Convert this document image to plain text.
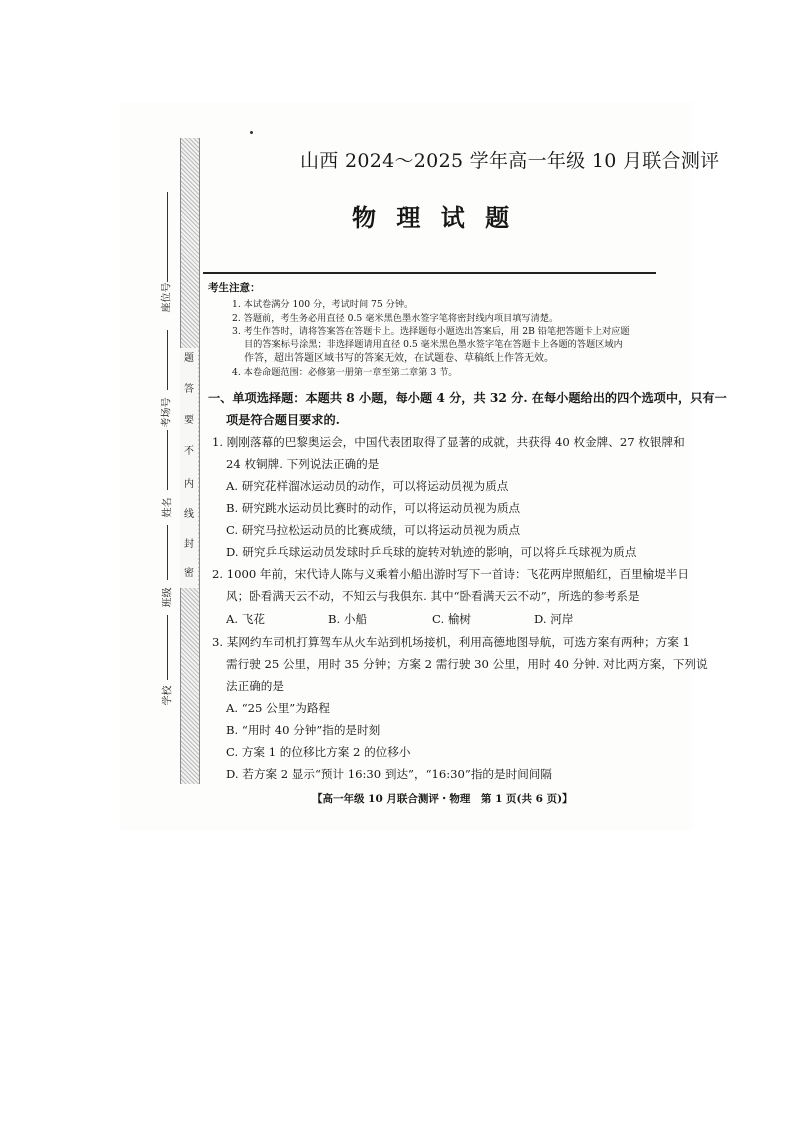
题
答
要
不
内
线
封
密
座位号
考场号
姓名
班级
学校
山西 2024～2025 学年高一年级 10 月联合测评
物 理 试 题
考生注意：
1. 本试卷满分 100 分，考试时间 75 分钟。
2. 答题前，考生务必用直径 0.5 毫米黑色墨水签字笔将密封线内项目填写清楚。
3. 考生作答时，请将答案答在答题卡上。选择题每小题选出答案后，用 2B 铅笔把答题卡上对应题
目的答案标号涂黑；非选择题请用直径 0.5 毫米黑色墨水签字笔在答题卡上各题的答题区域内
作答，超出答题区域书写的答案无效，在试题卷、草稿纸上作答无效。
4. 本卷命题范围：必修第一册第一章至第二章第 3 节。
一、单项选择题：本题共 8 小题，每小题 4 分，共 32 分. 在每小题给出的四个选项中，只有一
项是符合题目要求的.
1. 刚刚落幕的巴黎奥运会，中国代表团取得了显著的成就，共获得 40 枚金牌、27 枚银牌和
24 枚铜牌. 下列说法正确的是
A. 研究花样溜冰运动员的动作，可以将运动员视为质点
B. 研究跳水运动员比赛时的动作，可以将运动员视为质点
C. 研究马拉松运动员的比赛成绩，可以将运动员视为质点
D. 研究乒乓球运动员发球时乒乓球的旋转对轨迹的影响，可以将乒乓球视为质点
2. 1000 年前，宋代诗人陈与义乘着小船出游时写下一首诗：飞花两岸照船红，百里榆堤半日
风；卧看满天云不动，不知云与我俱东. 其中“卧看满天云不动”，所选的参考系是
A. 飞花	B. 小船	C. 榆树	D. 河岸
3. 某网约车司机打算驾车从火车站到机场接机，利用高德地图导航，可选方案有两种；方案 1
需行驶 25 公里，用时 35 分钟；方案 2 需行驶 30 公里，用时 40 分钟. 对比两方案，下列说
法正确的是
A. “25 公里”为路程
B. “用时 40 分钟”指的是时刻
C. 方案 1 的位移比方案 2 的位移小
D. 若方案 2 显示“预计 16:30 到达”，“16:30”指的是时间间隔
【高一年级 10 月联合测评・物理　第 1 页(共 6 页)】
